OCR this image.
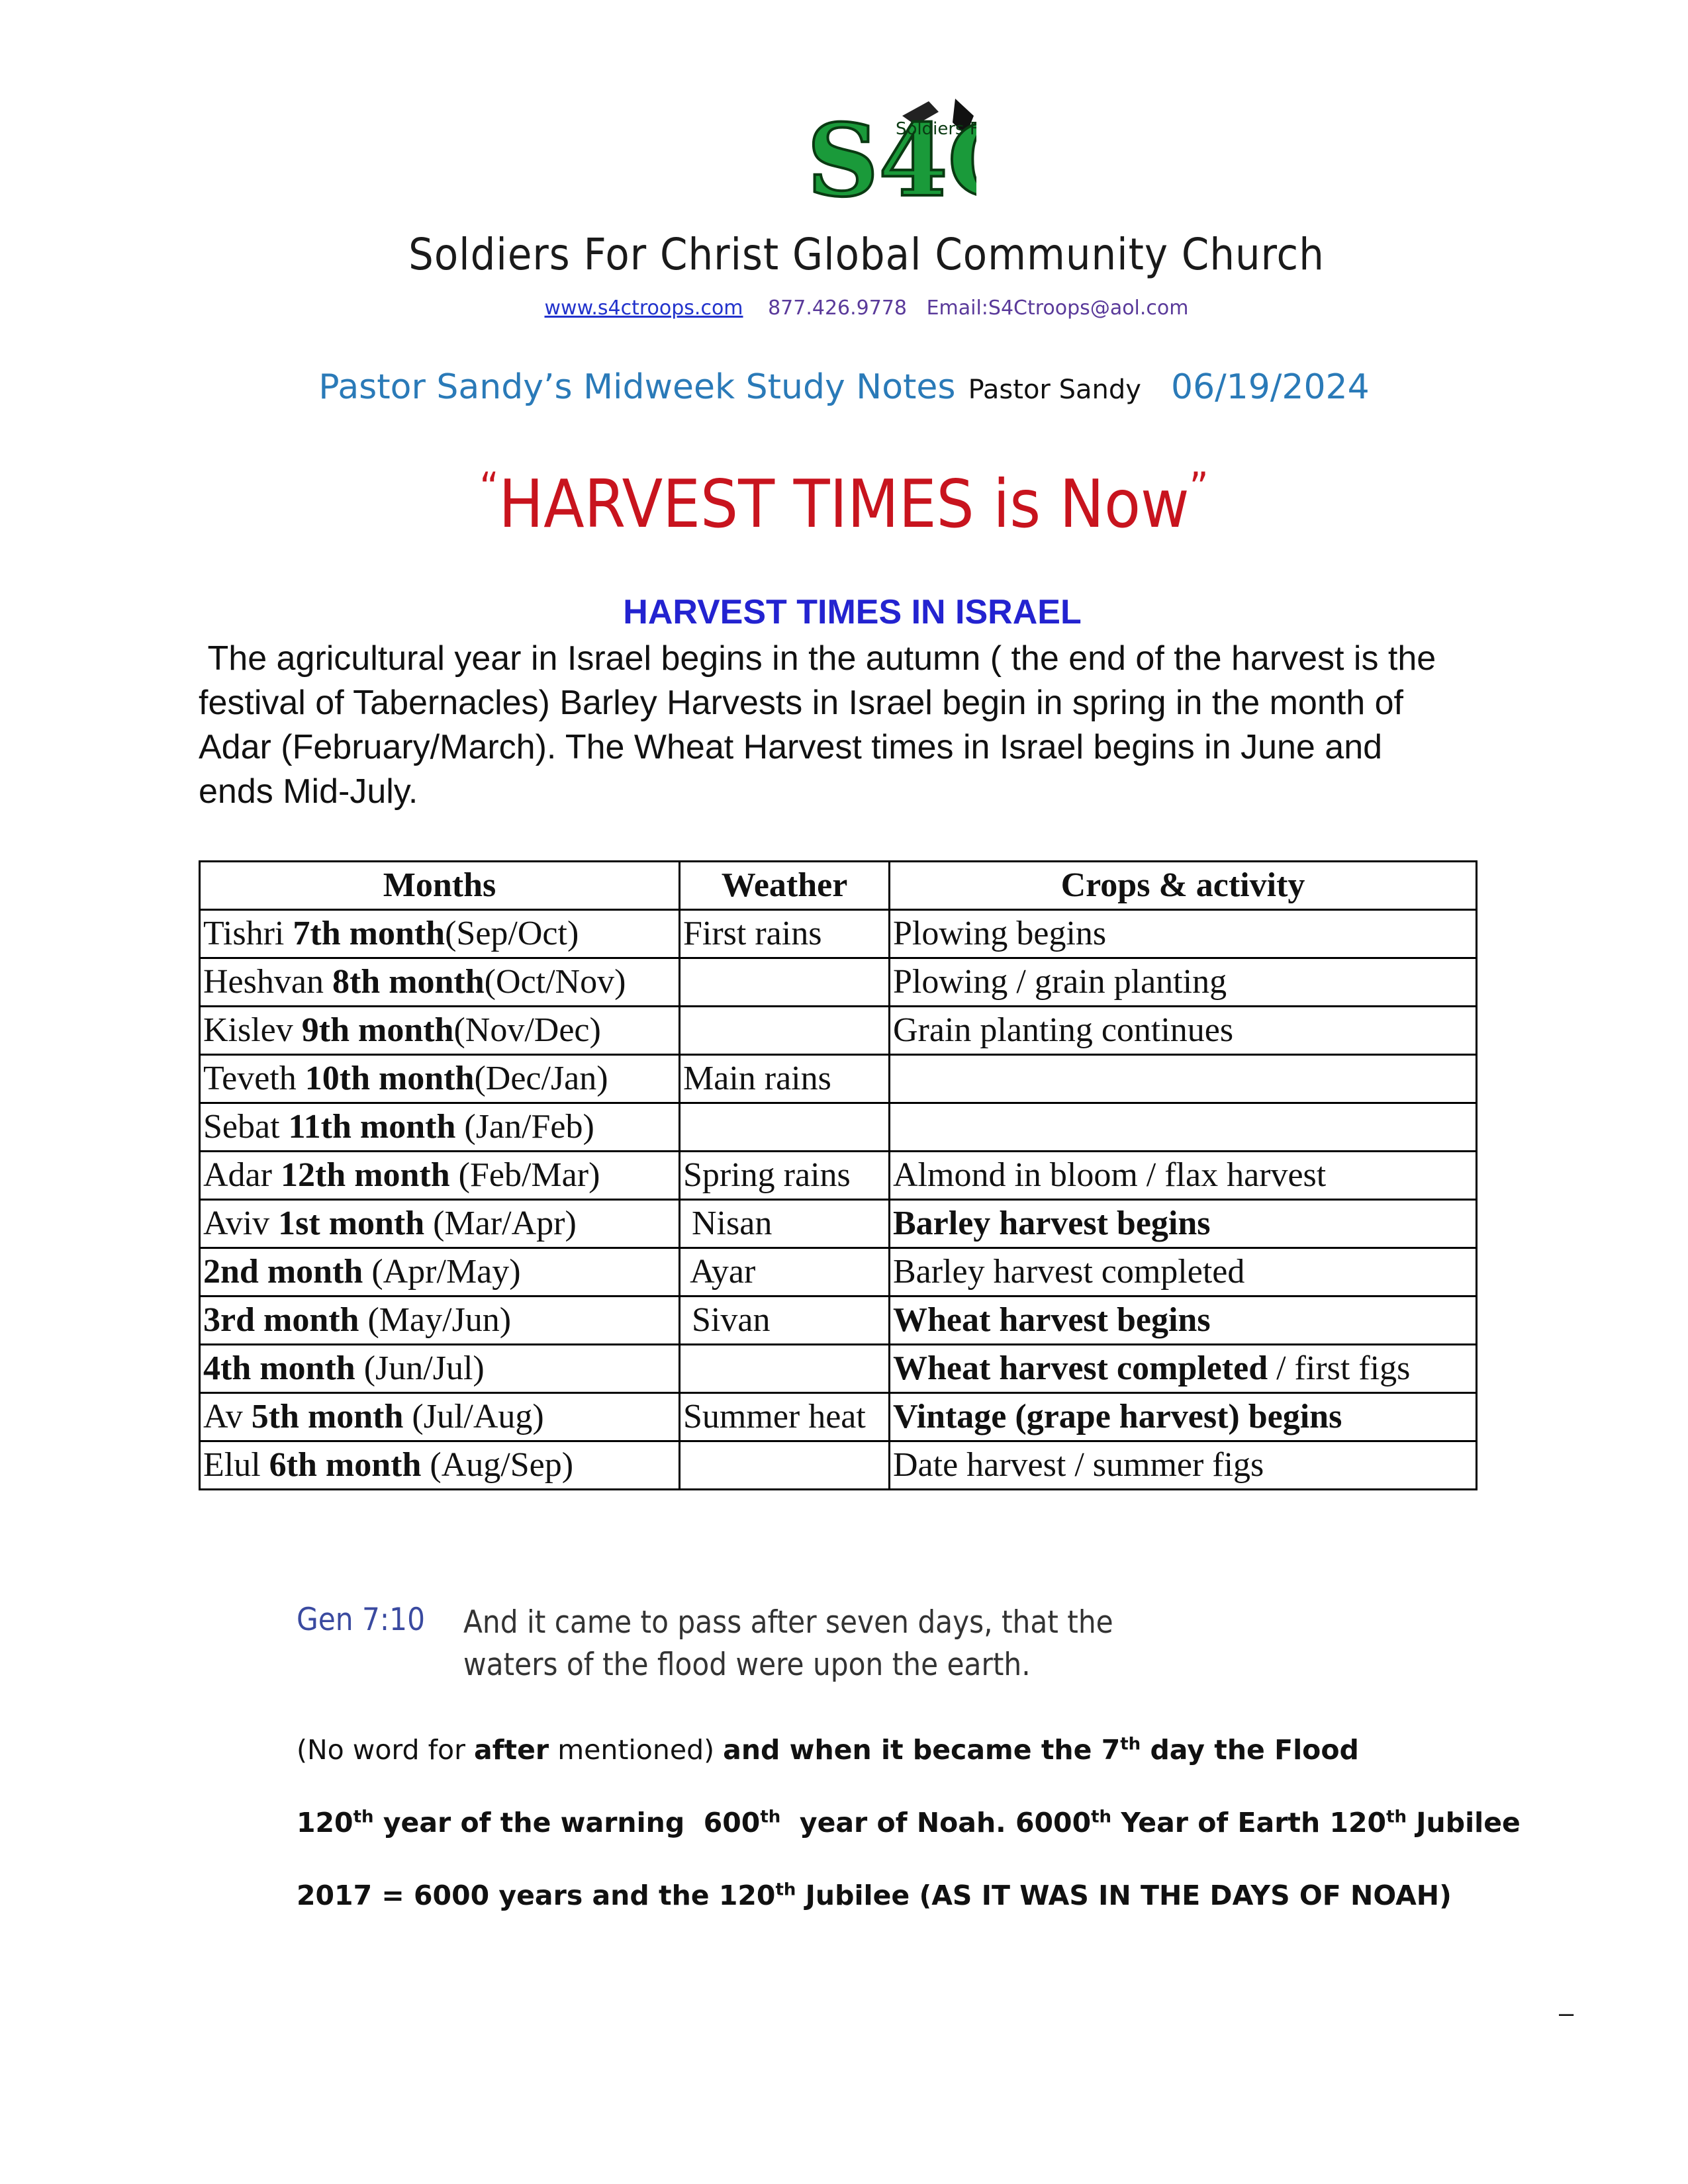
S4
Soldiers F
Soldiers For Christ Global Community Church
www.s4ctroops.com 877.426.9778 Email:S4Ctroops@aol.com
Pastor Sandy’s Midweek Study Notes Pastor Sandy 06/19/2024
“HARVEST TIMES is Now”
HARVEST TIMES IN ISRAEL
The agricultural year in Israel begins in the autumn ( the end of the harvest is the
festival of Tabernacles) Barley Harvests in Israel begin in spring in the month of
Adar (February/March). The Wheat Harvest times in Israel begins in June and
ends Mid-July.
Months	Weather	Crops & activity
Tishri 7th month(Sep/Oct)	First rains	Plowing begins
Heshvan 8th month(Oct/Nov)		Plowing / grain planting
Kislev 9th month(Nov/Dec)		Grain planting continues
Teveth 10th month(Dec/Jan)	Main rains	
Sebat 11th month (Jan/Feb)		
Adar 12th month (Feb/Mar)	Spring rains	Almond in bloom / flax harvest
Aviv 1st month (Mar/Apr)	Nisan	Barley harvest begins
2nd month (Apr/May)	Ayar	Barley harvest completed
3rd month (May/Jun)	Sivan	Wheat harvest begins
4th month (Jun/Jul)		Wheat harvest completed / first figs
Av 5th month (Jul/Aug)	Summer heat	Vintage (grape harvest) begins
Elul 6th month (Aug/Sep)		Date harvest / summer figs
Gen 7:10 And it came to pass after seven days, that the
waters of the flood were upon the earth.
(No word for after mentioned) and when it became the 7th day the Flood
120th year of the warning  600th  year of Noah. 6000th Year of Earth 120th Jubilee
2017 = 6000 years and the 120th Jubilee (AS IT WAS IN THE DAYS OF NOAH)
–
